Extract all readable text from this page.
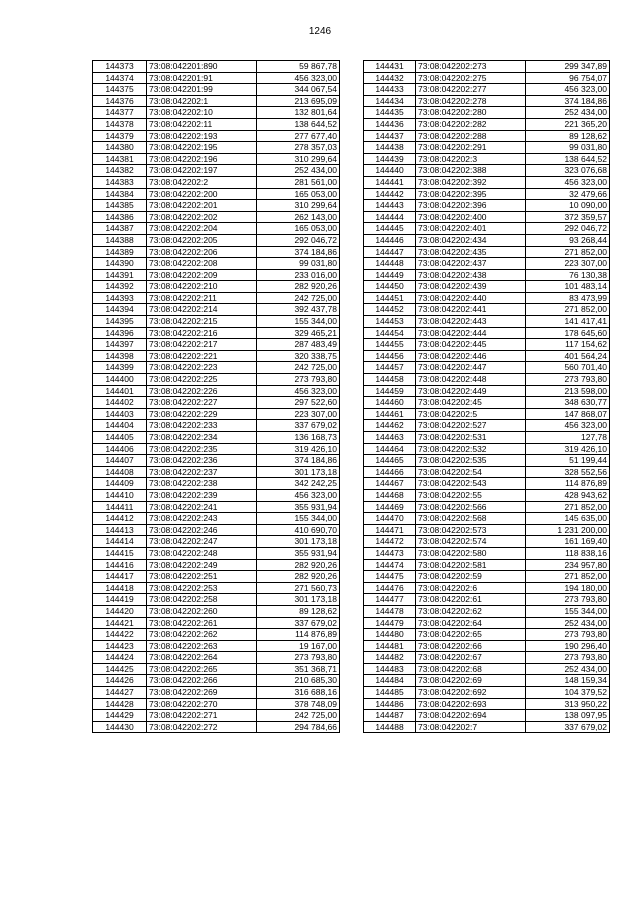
1246
144373	73:08:042201:890	59 867,78
144374	73:08:042201:91	456 323,00
144375	73:08:042201:99	344 067,54
144376	73:08:042202:1	213 695,09
144377	73:08:042202:10	132 801,64
144378	73:08:042202:11	138 644,52
144379	73:08:042202:193	277 677,40
144380	73:08:042202:195	278 357,03
144381	73:08:042202:196	310 299,64
144382	73:08:042202:197	252 434,00
144383	73:08:042202:2	281 561,00
144384	73:08:042202:200	165 053,00
144385	73:08:042202:201	310 299,64
144386	73:08:042202:202	262 143,00
144387	73:08:042202:204	165 053,00
144388	73:08:042202:205	292 046,72
144389	73:08:042202:206	374 184,86
144390	73:08:042202:208	99 031,80
144391	73:08:042202:209	233 016,00
144392	73:08:042202:210	282 920,26
144393	73:08:042202:211	242 725,00
144394	73:08:042202:214	392 437,78
144395	73:08:042202:215	155 344,00
144396	73:08:042202:216	329 465,21
144397	73:08:042202:217	287 483,49
144398	73:08:042202:221	320 338,75
144399	73:08:042202:223	242 725,00
144400	73:08:042202:225	273 793,80
144401	73:08:042202:226	456 323,00
144402	73:08:042202:227	297 522,60
144403	73:08:042202:229	223 307,00
144404	73:08:042202:233	337 679,02
144405	73:08:042202:234	136 168,73
144406	73:08:042202:235	319 426,10
144407	73:08:042202:236	374 184,86
144408	73:08:042202:237	301 173,18
144409	73:08:042202:238	342 242,25
144410	73:08:042202:239	456 323,00
144411	73:08:042202:241	355 931,94
144412	73:08:042202:243	155 344,00
144413	73:08:042202:246	410 690,70
144414	73:08:042202:247	301 173,18
144415	73:08:042202:248	355 931,94
144416	73:08:042202:249	282 920,26
144417	73:08:042202:251	282 920,26
144418	73:08:042202:253	271 560,73
144419	73:08:042202:258	301 173,18
144420	73:08:042202:260	89 128,62
144421	73:08:042202:261	337 679,02
144422	73:08:042202:262	114 876,89
144423	73:08:042202:263	19 167,00
144424	73:08:042202:264	273 793,80
144425	73:08:042202:265	351 368,71
144426	73:08:042202:266	210 685,30
144427	73:08:042202:269	316 688,16
144428	73:08:042202:270	378 748,09
144429	73:08:042202:271	242 725,00
144430	73:08:042202:272	294 784,66
144431	73:08:042202:273	299 347,89
144432	73:08:042202:275	96 754,07
144433	73:08:042202:277	456 323,00
144434	73:08:042202:278	374 184,86
144435	73:08:042202:280	252 434,00
144436	73:08:042202:282	221 365,20
144437	73:08:042202:288	89 128,62
144438	73:08:042202:291	99 031,80
144439	73:08:042202:3	138 644,52
144440	73:08:042202:388	323 076,68
144441	73:08:042202:392	456 323,00
144442	73:08:042202:395	32 479,66
144443	73:08:042202:396	10 090,00
144444	73:08:042202:400	372 359,57
144445	73:08:042202:401	292 046,72
144446	73:08:042202:434	93 268,44
144447	73:08:042202:435	271 852,00
144448	73:08:042202:437	223 307,00
144449	73:08:042202:438	76 130,38
144450	73:08:042202:439	101 483,14
144451	73:08:042202:440	83 473,99
144452	73:08:042202:441	271 852,00
144453	73:08:042202:443	141 417,41
144454	73:08:042202:444	178 645,60
144455	73:08:042202:445	117 154,62
144456	73:08:042202:446	401 564,24
144457	73:08:042202:447	560 701,40
144458	73:08:042202:448	273 793,80
144459	73:08:042202:449	213 598,00
144460	73:08:042202:45	348 630,77
144461	73:08:042202:5	147 868,07
144462	73:08:042202:527	456 323,00
144463	73:08:042202:531	127,78
144464	73:08:042202:532	319 426,10
144465	73:08:042202:535	51 199,44
144466	73:08:042202:54	328 552,56
144467	73:08:042202:543	114 876,89
144468	73:08:042202:55	428 943,62
144469	73:08:042202:566	271 852,00
144470	73:08:042202:568	145 635,00
144471	73:08:042202:573	1 231 200,00
144472	73:08:042202:574	161 169,40
144473	73:08:042202:580	118 838,16
144474	73:08:042202:581	234 957,80
144475	73:08:042202:59	271 852,00
144476	73:08:042202:6	194 180,00
144477	73:08:042202:61	273 793,80
144478	73:08:042202:62	155 344,00
144479	73:08:042202:64	252 434,00
144480	73:08:042202:65	273 793,80
144481	73:08:042202:66	190 296,40
144482	73:08:042202:67	273 793,80
144483	73:08:042202:68	252 434,00
144484	73:08:042202:69	148 159,34
144485	73:08:042202:692	104 379,52
144486	73:08:042202:693	313 950,22
144487	73:08:042202:694	138 097,95
144488	73:08:042202:7	337 679,02
